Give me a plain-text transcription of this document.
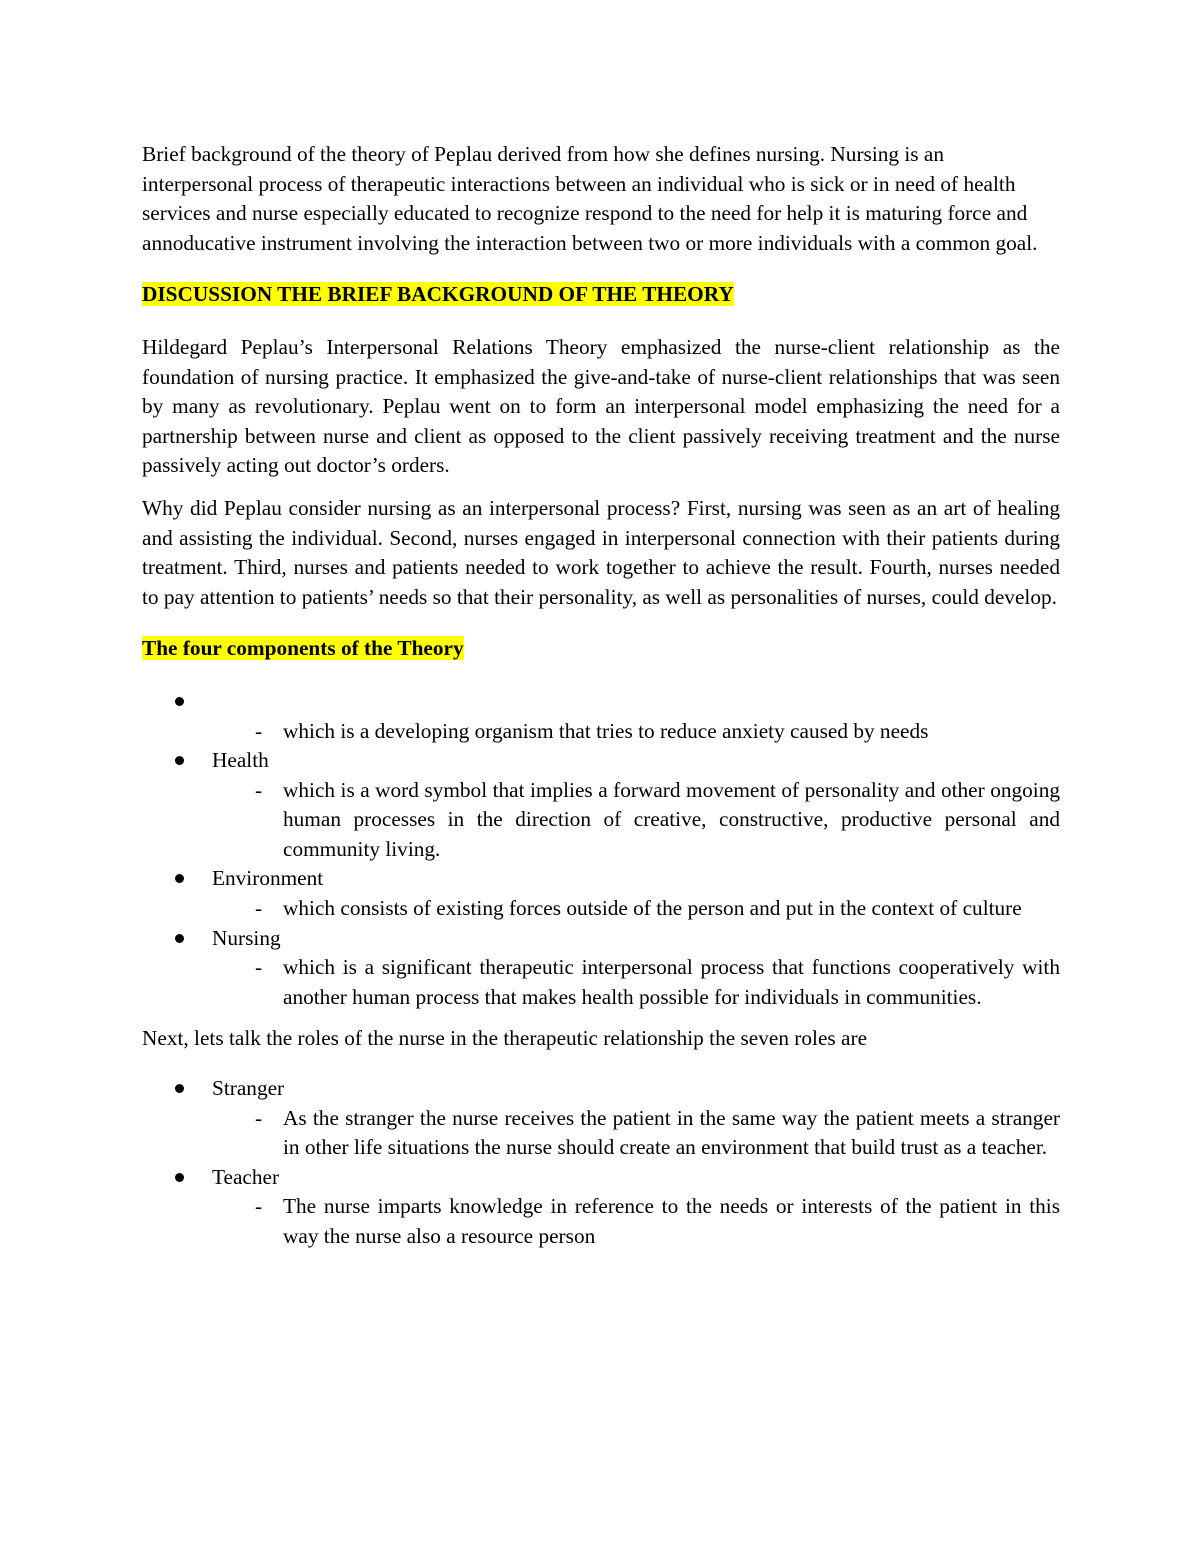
Brief background of the theory of Peplau derived from how she defines nursing. Nursing is an interpersonal process of therapeutic interactions between an individual who is sick or in need of health services and nurse especially educated to recognize respond to the need for help it is maturing force and annoducative instrument involving the interaction between two or more individuals with a common goal.

DISCUSSION THE BRIEF BACKGROUND OF THE THEORY

Hildegard Peplau’s Interpersonal Relations Theory emphasized the nurse-client relationship as the foundation of nursing practice. It emphasized the give-and-take of nurse-client relationships that was seen by many as revolutionary. Peplau went on to form an interpersonal model emphasizing the need for a partnership between nurse and client as opposed to the client passively receiving treatment and the nurse passively acting out doctor’s orders.

Why did Peplau consider nursing as an interpersonal process? First, nursing was seen as an art of healing and assisting the individual. Second, nurses engaged in interpersonal connection with their patients during treatment. Third, nurses and patients needed to work together to achieve the result. Fourth, nurses needed to pay attention to patients’ needs so that their personality, as well as personalities of nurses, could develop.

The four components of the Theory

- which is a developing organism that tries to reduce anxiety caused by needs
Health
- which is a word symbol that implies a forward movement of personality and other ongoing human processes in the direction of creative, constructive, productive personal and community living.
Environment
- which consists of existing forces outside of the person and put in the context of culture
Nursing
- which is a significant therapeutic interpersonal process that functions cooperatively with another human process that makes health possible for individuals in communities.

Next, lets talk the roles of the nurse in the therapeutic relationship the seven roles are

Stranger
- As the stranger the nurse receives the patient in the same way the patient meets a stranger in other life situations the nurse should create an environment that build trust as a teacher.
Teacher
- The nurse imparts knowledge in reference to the needs or interests of the patient in this way the nurse also a resource person
